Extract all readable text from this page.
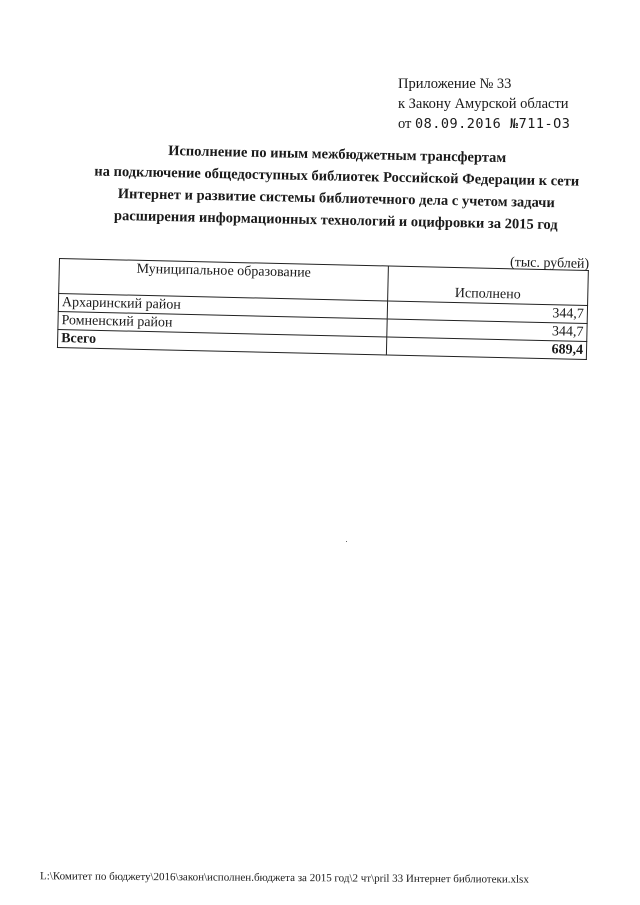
Приложение № 33
к Закону Амурской области
от 08.09.2016 №711-ОЗ
Исполнение по иным межбюджетным трансфертам
на подключение общедоступных библиотек Российской Федерации к сети
Интернет и развитие системы библиотечного дела с учетом задачи
расширения информационных технологий и оцифровки за 2015 год
(тыс. рублей)
Муниципальное образование	Исполнено
Архаринский район	344,7
Ромненский район	344,7
Всего	689,4
L:\Комитет по бюджету\2016\закон\исполнен.бюджета за 2015 год\2 чт\pril 33 Интернет библиотеки.xlsx
